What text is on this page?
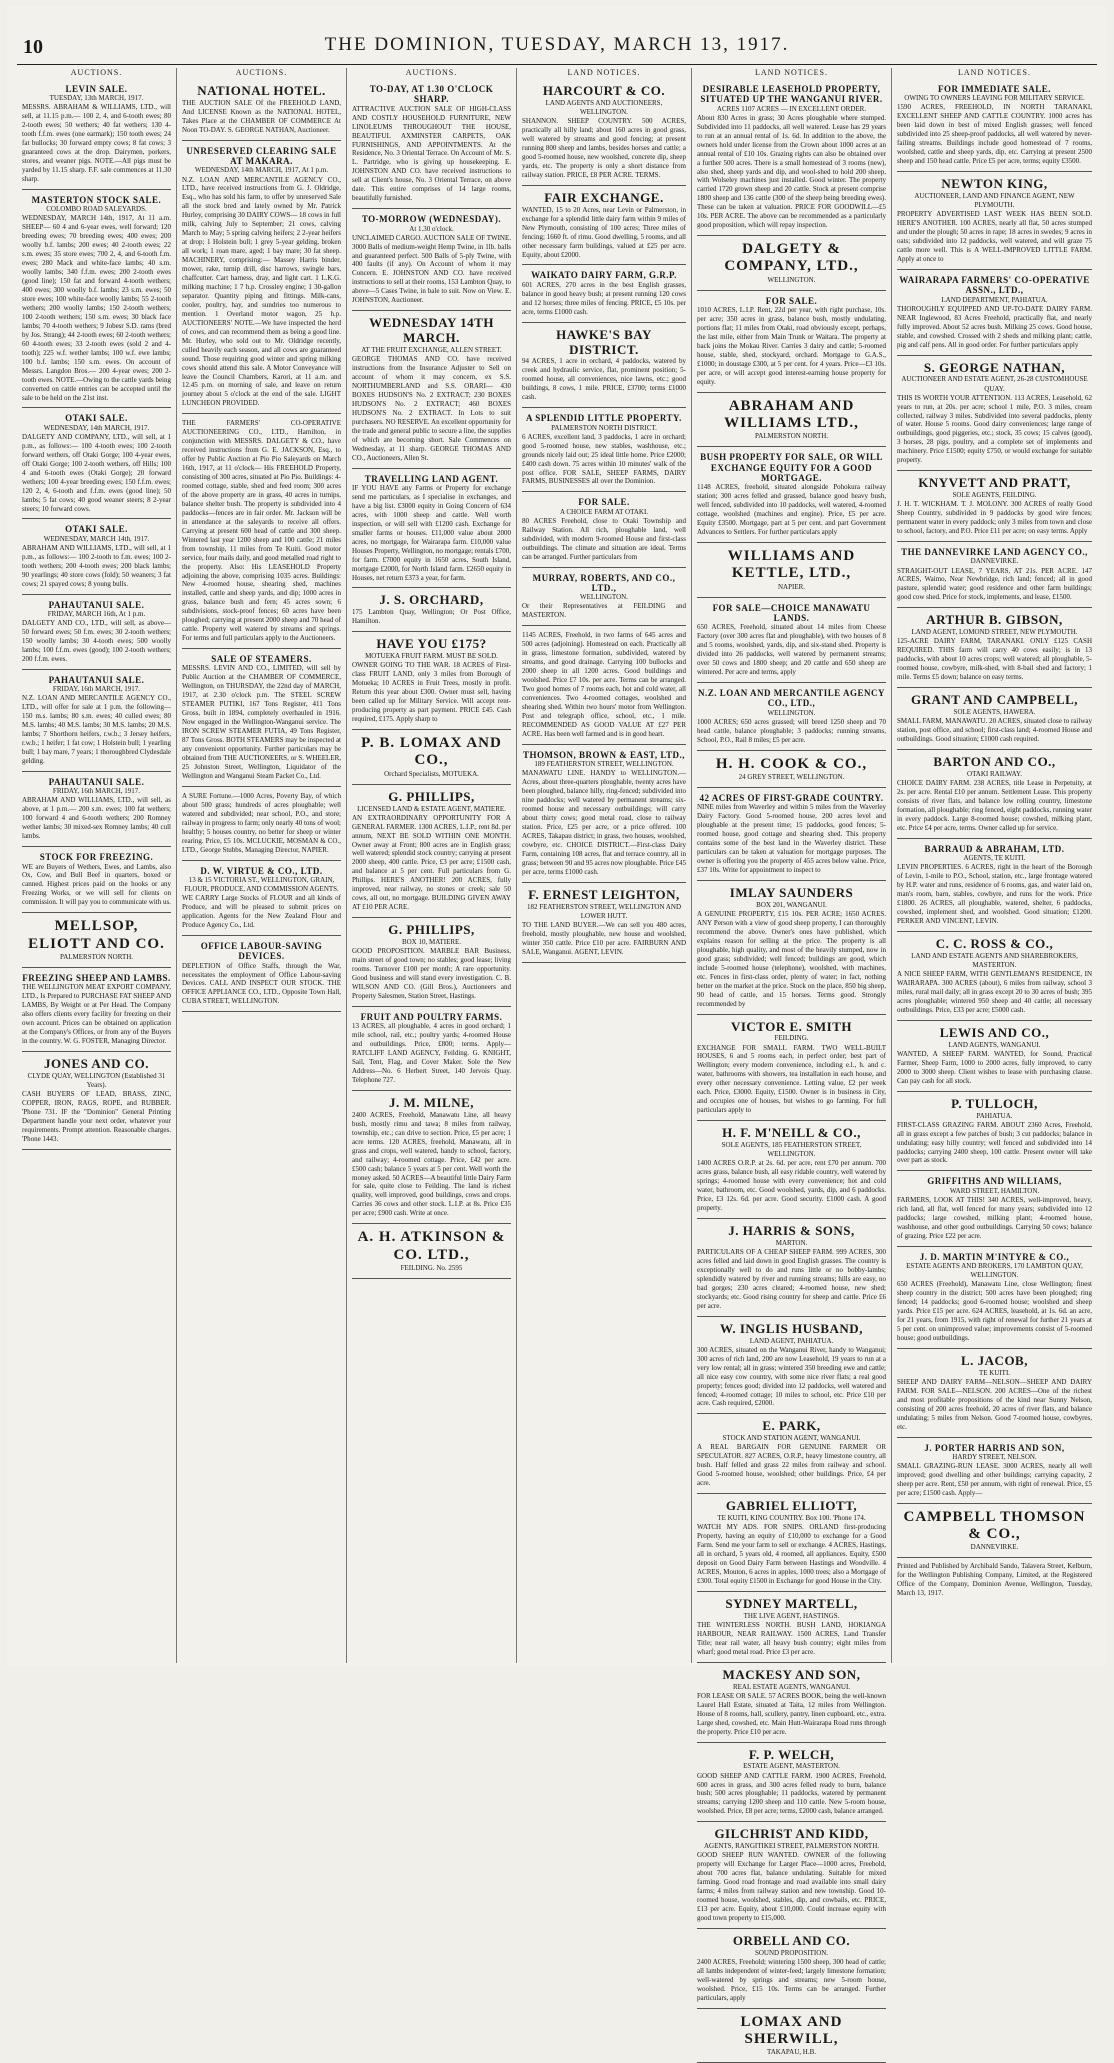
10	THE DOMINION, TUESDAY, MARCH 13, 1917.
AUCTIONS.
LEVIN SALE.
TUESDAY, 13th MARCH, 1917.
MESSRS. ABRAHAM & WILLIAMS, LTD., will sell, at 11.15 p.m.— 100 2, 4, and 6-tooth ewes; 80 2-tooth ewes; 50 wethers; 40 fat wethers; 130 4-tooth f.f.m. ewes (one earmark); 150 tooth ewes; 24 fat bullocks; 30 forward empty cows; 8 fat cows; 3 guaranteed cows at the drop. Dairymen, porkers, stores, and weaner pigs. NOTE.—All pigs must be yarded by 11.15 sharp. F.F. sale commences at 11.30 sharp.
MASTERTON STOCK SALE.
COLOMBO ROAD SALEYARDS.
WEDNESDAY, MARCH 14th, 1917, At 11 a.m. SHEEP— 60 4 and 6-year ewes, well forward; 120 breeding ewes; 70 breeding ewes; 400 ewes; 200 woolly b.f. lambs; 200 ewes; 40 2-tooth ewes; 22 s.m. ewes; 35 store ewes; 700 2, 4, and 6-tooth f.m. ewes; 280 Mack and white-face lambs; 40 s.m. woolly lambs; 340 f.f.m. ewes; 200 2-tooth ewes (good line); 150 fat and forward 4-tooth wethers; 400 ewes; 300 woolly b.f. lambs; 23 s.m. ewes; 50 store ewes; 100 white-face woolly lambs; 55 2-tooth wethers; 200 woolly lambs; 150 2-tooth wethers; 100 2-tooth wethers; 150 s.m. ewes; 30 black face lambs; 70 4-tooth wethers; 9 Jobesr S.D. rams (bred by Jos. Strang); 44 2-tooth ewes; 60 2-tooth wethers; 60 4-tooth ewes; 33 2-tooth ewes (sold 2 and 4-tooth); 225 w.f. wether lambs; 100 w.f. ewe lambs; 100 b.f. lambs; 150 s.m. ewes. On account of Messrs. Langdon Bros.— 200 4-year ewes; 200 2-tooth ewes. NOTE.—Owing to the cattle yards being converted on cattle entries can be accepted until the sale to be held on the 21st inst.
OTAKI SALE.
WEDNESDAY, 14th MARCH, 1917.
DALGETY AND COMPANY, LTD., will sell, at 1 p.m., as follows:— 100 4-tooth ewes; 100 2-tooth forward wethers, off Otaki Gorge; 100 4-year ewes, off Otaki Gorge; 100 2-tooth wethers, off Hills; 100 4 and 6-tooth ewes (Otaki Gorge); 20 forward wethers; 100 4-year breeding ewes; 150 f.f.m. ewes; 120 2, 4, 6-tooth and f.f.m. ewes (good line); 50 lambs; 5 fat cows; 40 good weaner steers; 8 2-year steers; 10 forward cows.
OTAKI SALE.
WEDNESDAY, MARCH 14th, 1917.
ABRAHAM AND WILLIAMS, LTD., will sell, at 1 p.m., as follows:— 100 2-tooth to f.m. ewes; 100 2-tooth wethers; 200 4-tooth ewes; 200 black lambs; 90 yearlings; 40 store cows (fold); 50 weaners; 3 fat cows; 21 spayed cows; 8 young bulls.
PAHAUTANUI SALE.
FRIDAY, MARCH 16th, At 1 p.m.
DALGETY AND CO., LTD., will sell, as above— 50 forward ewes; 50 f.m. ewes; 30 2-tooth wethers; 150 woolly lambs; 30 4-tooth ewes; 500 woolly lambs; 100 f.f.m. ewes (good); 100 2-tooth wethers; 200 f.f.m. ewes.
PAHAUTANUI SALE.
FRIDAY, 16th MARCH, 1917.
N.Z. LOAN AND MERCANTILE AGENCY CO., LTD., will offer for sale at 1 p.m. the following— 150 m.s. lambs; 80 s.m. ewes; 40 culled ewes; 80 M.S. lambs; 40 M.S. lambs; 30 M.S. lambs; 20 M.S. lambs; 7 Shorthorn heifers, r.w.b.; 3 Jersey heifers, r.w.b.; 1 heifer; 1 fat cow; 1 Holstein bull; 1 yearling bull; 1 bay mare, 7 years; 1 thoroughbred Clydesdale gelding.
PAHAUTANUI SALE.
FRIDAY, 16th MARCH, 1917.
ABRAHAM AND WILLIAMS, LTD., will sell, as above, at 1 p.m.— 200 s.m. ewes; 100 fat wethers; 100 forward 4 and 6-tooth wethers; 200 Romney wether lambs; 30 mixed-sex Romney lambs; 40 cull lambs.
STOCK FOR FREEZING.
WE are Buyers of Wethers, Ewes, and Lambs, also Ox, Cow, and Bull Beef in quarters, boxed or canned. Highest prices paid on the hooks or any Freezing Works, or we will sell for clients on commission. It will pay you to communicate with us.
MELLSOP, ELIOTT AND CO.
PALMERSTON NORTH.
FREEZING SHEEP AND LAMBS.
THE WELLINGTON MEAT EXPORT COMPANY, LTD., Is Prepared to PURCHASE FAT SHEEP AND LAMBS, By Weight or at Per Head. The Company also offers clients every facility for freezing on their own account. Prices can be obtained on application at the Company's Offices, or from any of the Buyers in the country. W. G. FOSTER, Managing Director.
JONES AND CO.
CLYDE QUAY, WELLINGTON (Established 31 Years).
CASH BUYERS OF LEAD, BRASS, ZINC, COPPER, IRON, RAGS, ROPE, and RUBBER. 'Phone 731. IF the "Dominion" General Printing Department handle your next order, whatever your requirements. Prompt attention. Reasonable charges. 'Phone 1443.
AUCTIONS.
NATIONAL HOTEL.
THE AUCTION SALE Of the FREEHOLD LAND, And LICENSE Known as the NATIONAL HOTEL, Takes Place at the CHAMBER OF COMMERCE At Noon TO-DAY. S. GEORGE NATHAN, Auctioneer.
UNRESERVED CLEARING SALE AT MAKARA.
WEDNESDAY, 14th MARCH, 1917, At 1 p.m.
N.Z. LOAN AND MERCANTILE AGENCY CO., LTD., have received instructions from G. J. Oldridge, Esq., who has sold his farm, to offer by unreserved Sale all the stock bred and lately owned by Mr. Patrick Hurley, comprising 30 DAIRY COWS— 18 cows in full milk, calving July to September; 21 cows, calving March to May; 5 spring calving heifers; 2 2-year heifers at drop; 1 Holstein bull; 1 grey 5-year gelding, broken all work; 1 roan mare, aged; 1 bay mare; 30 fat sheep. MACHINERY, comprising:— Massey Harris binder, mower, rake, turnip drill, disc harrows, swingle bars, chaffcutter. Cart harness, dray, and light cart. 1 L.K.G. milking machine; 1 7 h.p. Crossley engine; 1 30-gallon separator. Quantity piping and fittings. Milk-cans, cooler, poultry, hay, and sundries too numerous to mention. 1 Overland motor wagon, 25 h.p. AUCTIONEERS' NOTE.—We have inspected the herd of cows, and can recommend them as being a good line. Mr. Hurley, who sold out to Mr. Oldridge recently, culled heavily each season, and all cows are guaranteed sound. Those requiring good winter and spring milking cows should attend this sale. A Motor Conveyance will leave the Council Chambers, Karori, at 11 a.m. and 12.45 p.m. on morning of sale, and leave on return journey about 5 o'clock at the end of the sale. LIGHT LUNCHEON PROVIDED.
THE FARMERS' CO-OPERATIVE AUCTIONEERING CO., LTD., Hamilton, in conjunction with MESSRS. DALGETY & CO., have received instructions from G. E. JACKSON, Esq., to offer by Public Auction at Pio Pio Saleyards on March 16th, 1917, at 11 o'clock— His FREEHOLD Property, consisting of 300 acres, situated at Pio Pio. Buildings: 4-roomed cottage, stable, shed and feed room; 300 acres of the above property are in grass, 40 acres in turnips, balance shelter bush. The property is subdivided into 4 paddocks—fences are in fair order. Mr. Jackson will be in attendance at the saleyards to receive all offers. Carrying at present 600 head of cattle and 300 sheep. Wintered last year 1200 sheep and 100 cattle; 21 miles from township, 11 miles from Te Kuiti. Good motor service, four mails daily, and good metalled road right to the property. Also: His LEASEHOLD Property adjoining the above, comprising 1035 acres. Buildings: New 4-roomed house, shearing shed, machines installed, cattle and sheep yards, and dip; 1000 acres in grass, balance bush and fern; 45 acres sown; 6 subdivisions, stock-proof fences; 60 acres have been ploughed; carrying at present 2000 sheep and 70 head of cattle. Property well watered by streams and springs. For terms and full particulars apply to the Auctioneers.
SALE OF STEAMERS.
MESSRS. LEVIN AND CO., LIMITED, will sell by Public Auction at the CHAMBER OF COMMERCE, Wellington, on THURSDAY, the 22nd day of MARCH, 1917, at 2.30 o'clock p.m. The STEEL SCREW STEAMER PUTIKI, 167 Tons Register, 411 Tons Gross, built in 1894, completely overhauled in 1916. Now engaged in the Wellington-Wanganui service. The IRON SCREW STEAMER FUTIA, 49 Tons Register, 87 Tons Gross. BOTH STEAMERS may be inspected at any convenient opportunity. Further particulars may be obtained from THE AUCTIONEERS, or S. WHEELER, 25 Johnston Street, Wellington, Liquidator of the Wellington and Wanganui Steam Packet Co., Ltd.
A SURE Fortune.—1000 Acres, Poverty Bay, of which about 500 grass; hundreds of acres ploughable; well watered and subdivided; near school, P.O., and store; railway in progress to farm; only nearly 40 tons of wool; healthy; 5 houses country, no better for sheep or winter rearing. Price, £5 10s. MCLUCKIE, MOSMAN & CO., LTD., George Stubbs, Managing Director, NAPIER.
D. W. VIRTUE & CO., LTD.
13 & 15 VICTORIA ST., WELLINGTON, GRAIN, FLOUR, PRODUCE, AND COMMISSION AGENTS.
WE CARRY Large Stocks of FLOUR and all kinds of Produce, and will be pleased to submit prices on application. Agents for the New Zealand Flour and Produce Agency Co., Ltd.
OFFICE LABOUR-SAVING DEVICES.
DEPLETION of Office Staffs, through the War, necessitates the employment of Office Labour-saving Devices. CALL AND INSPECT OUR STOCK. THE OFFICE APPLIANCE CO., LTD., Opposite Town Hall, CUBA STREET, WELLINGTON.
AUCTIONS.
TO-DAY, AT 1.30 O'CLOCK SHARP.
ATTRACTIVE AUCTION SALE OF HIGH-CLASS AND COSTLY HOUSEHOLD FURNITURE, NEW LINOLEUMS THROUGHOUT THE HOUSE, BEAUTIFUL AXMINSTER CARPETS, OAK FURNISHINGS, AND APPOINTMENTS. At the Residence, No. 3 Oriental Terrace. On Account of Mr. S. L. Partridge, who is giving up housekeeping. E. JOHNSTON AND CO. have received instructions to sell at Client's house, No. 3 Oriental Terrace, on above date. This entire comprises of 14 large rooms, beautifully furnished.
TO-MORROW (WEDNESDAY).
At 1.30 o'clock.
UNCLAIMED CARGO. AUCTION SALE OF TWINE. 3000 Balls of medium-weight Hemp Twine, in 1lb. balls and guaranteed perfect. 500 Balls of 5-ply Twine, with 400 faults (if any). On Account of whom it may Concern. E. JOHNSTON AND CO. have received instructions to sell at their rooms, 153 Lambton Quay, to above—5 Cases Twine, in bale to suit. Now on View. E. JOHNSTON, Auctioneer.
WEDNESDAY 14TH MARCH.
AT THE FRUIT EXCHANGE, ALLEN STREET.
GEORGE THOMAS AND CO. have received instructions from the Insurance Adjuster to Sell on account of whom it may concern, ex S.S. NORTHUMBERLAND and S.S. ORARI— 430 BOXES HUDSON'S No. 2 EXTRACT; 230 BOXES HUDSON'S No. 2 EXTRACT; 460 BOXES HUDSON'S No. 2 EXTRACT. In Lots to suit purchasers. NO RESERVE. An excellent opportunity for the trade and general public to secure a line, the supplies of which are becoming short. Sale Commences on Wednesday, at 11 sharp. GEORGE THOMAS AND CO., Auctioneers, Allen St.
TRAVELLING LAND AGENT.
IF YOU HAVE any Farms or Property for exchange send me particulars, as I specialise in exchanges, and have a big list. £3000 equity in Going Concern of 634 acres, with 1000 sheep and cattle. Well worth inspection, or will sell with £1200 cash. Exchange for smaller farms or houses. £11,000 value about 2000 acres, no mortgage, for Wairarapa farm. £10,000 value Houses Property, Wellington, no mortgage; rentals £700, for farm. £7000 equity in 1650 acres, South Island, mortgage £2000, for North Island farm. £2650 equity in Houses, net return £373 a year, for farm.
J. S. ORCHARD,
175 Lambton Quay, Wellington; Or Post Office, Hamilton.
HAVE YOU £175?
MOTUEKA FRUIT FARM. MUST BE SOLD.
OWNER GOING TO THE WAR. 18 ACRES of First-class FRUIT LAND, only 3 miles from Borough of Motueka; 10 ACRES in Fruit Trees, mostly in profit. Return this year about £300. Owner must sell, having been called up for Military Service. Will accept rent-producing property as part payment. PRICE £45. Cash required, £175. Apply sharp to
P. B. LOMAX AND CO.,
Orchard Specialists, MOTUEKA.
G. PHILLIPS,
LICENSED LAND & ESTATE AGENT, MATIERE.
AN EXTRAORDINARY OPPORTUNITY FOR A GENERAL FARMER. 1300 ACRES, L.I.P., rent 8d. per annum, NEXT BE SOLD WITHIN ONE MONTH. Owner away at Front; 800 acres are in English grass; well watered; splendid stock country; carrying at present 2000 sheep, 400 cattle. Price, £3 per acre; £1500 cash, and balance at 5 per cent. Full particulars from G. Phillips. HERE'S ANOTHER! 200 ACRES, fully improved, near railway, no stones or creek; sale 50 cows, all out, no mortgage. BUILDING GIVEN AWAY AT £10 PER ACRE.
G. PHILLIPS,
BOX 10, MATIERE.
GOOD PROPOSITION. MARBLE BAR Business, main street of good town; no stables; good lease; living rooms. Turnover £100 per month; A rare opportunity. Good business and will stand every investigation. C. B. WILSON AND CO. (Gill Bros.), Auctioneers and Property Salesmen, Station Street, Hastings.
FRUIT AND POULTRY FARMS.
13 ACRES, all ploughable, 4 acres in good orchard; 1 mile school, rail, etc.; poultry yards; 4-roomed House and outbuildings. Price, £800; terms. Apply— RATCLIFF LAND AGENCY, Feilding. G. KNIGHT, Sail, Tent, Flag, and Cover Maker. Sole the New Address—No. 6 Herbert Street, 140 Jervois Quay. Telephone 727.
J. M. MILNE,
2400 ACRES, Freehold, Manawatu Line, all heavy bush, mostly rimu and tawa; 8 miles from railway, township, etc.; can drive to section. Price, £5 per acre; 1 acre terms. 120 ACRES, freehold, Manawatu, all in grass and crops, well watered, handy to school, factory, and railway; 4-roomed cottage. Price, £42 per acre. £500 cash; balance 5 years at 5 per cent. Well worth the money asked. 50 ACRES—A beautiful little Dairy Farm for sale, quite close to Feilding. The land is richest quality, well improved, good buildings, cows and crops. Carries 36 cows and other stock. L.I.P. at 8s. Price £35 per acre; £900 cash. Write at once.
A. H. ATKINSON & CO. LTD.,
FEILDING. No. 2595
LAND NOTICES.
HARCOURT & CO.
LAND AGENTS AND AUCTIONEERS, WELLINGTON.
SHANNON. SHEEP COUNTRY. 500 ACRES, practically all hilly land; about 160 acres in good grass, well watered by streams and good fencing; at present running 800 sheep and lambs, besides horses and cattle; a good 5-roomed house, new woolshed, concrete dip, sheep yards, etc. The property is only a short distance from railway station. PRICE, £8 PER ACRE. TERMS.
FAIR EXCHANGE.
WANTED, 15 to 20 Acres, near Levin or Palmerston, in exchange for a splendid little dairy farm within 9 miles of New Plymouth, consisting of 100 acres; Three miles of fencing; 1660 ft. of rimu. Good dwelling, 5 rooms, and all other necessary farm buildings, valued at £25 per acre. Equity, about £2000.
WAIKATO DAIRY FARM, G.R.P.
601 ACRES, 270 acres in the best English grasses, balance in good heavy bush; at present running 120 cows and 12 horses; three miles of fencing. PRICE, £5 10s. per acre, terms £1000 cash.
HAWKE'S BAY DISTRICT.
94 ACRES, 1 acre in orchard, 4 paddocks, watered by creek and hydraulic service, flat, prominent position; 5-roomed house, all conveniences, nice lawns, etc.; good buildings, 8 cows, 1 mile. PRICE, £3700; terms £1000 cash.
A SPLENDID LITTLE PROPERTY.
PALMERSTON NORTH DISTRICT.
6 ACRES, excellent land, 3 paddocks, 1 acre in orchard; good 5-roomed house, new stables, washhouse, etc.; grounds nicely laid out; 25 ideal little home. Price £2000; £400 cash down. 75 acres within 10 minutes' walk of the post office. FOR SALE, SHEEP FARMS, DAIRY FARMS, BUSINESSES all over the Dominion.
FOR SALE.
A CHOICE FARM AT OTAKI.
80 ACRES Freehold, close to Otaki Township and Railway Station. All rich, ploughable land, well subdivided, with modern 9-roomed House and first-class outbuildings. The climate and situation are ideal. Terms can be arranged. Further particulars from
MURRAY, ROBERTS, AND CO., LTD.,
WELLINGTON.
Or their Representatives at FEILDING and MASTERTON.
1145 ACRES, Freehold, in two farms of 645 acres and 500 acres (adjoining). Homestead on each. Practically all in grass, limestone formation, subdivided, watered by streams, and good drainage. Carrying 100 bullocks and 2000 sheep in all 1200 acres. Good buildings and woolshed. Price £7 10s. per acre. Terms can be arranged. Two good homes of 7 rooms each, hot and cold water, all conveniences. Two 4-roomed cottages, woolshed and shearing shed. Within two hours' motor from Wellington. Post and telegraph office, school, etc., 1 mile. RECOMMENDED AS GOOD VALUE AT £27 PER ACRE. Has been well farmed and is in good heart.
THOMSON, BROWN & EAST, LTD.,
189 FEATHERSTON STREET, WELLINGTON.
MANAWATU LINE. HANDY to WELLINGTON.—Acres, about three-quarters ploughable, twenty acres have been ploughed, balance hilly, ring-fenced; subdivided into nine paddocks; well watered by permanent streams; six-roomed house and necessary outbuildings; will carry about thirty cows; good metal road, close to railway station. Price, £25 per acre, or a price offered. 100 ACRES, Takapau district; in grass, two houses, woolshed, cowbyre, etc. CHOICE DISTRICT.—First-class Dairy Farm, containing 108 acres, flat and terrace country, all in grass; between 90 and 95 acres now ploughable. Price £45 per acre, terms £1000 cash.
F. ERNEST LEIGHTON,
182 FEATHERSTON STREET, WELLINGTON AND LOWER HUTT.
TO THE LAND BUYER.—We can sell you 480 acres, freehold, mostly ploughable, new house and woolshed, winter 350 cattle. Price £10 per acre. FAIRBURN AND SALE, Wanganui. AGENT, LEVIN.
LAND NOTICES.
DESIRABLE LEASEHOLD PROPERTY, SITUATED UP THE WANGANUI RIVER.
ACRES 1107 ACRES — IN EXCELLENT ORDER.
About 830 Acres in grass; 30 Acres ploughable where stumped. Subdivided into 11 paddocks, all well watered. Lease has 29 years to run at an annual rental of 1s. 6d. In addition to the above, the owners hold under license from the Crown about 1000 acres at an annual rental of £10 10s. Grazing rights can also be obtained over a further 500 acres. There is a small homestead of 3 rooms (new), also shed, sheep yards and dip, and wool-shed to hold 200 sheep, with Wolseley machines just installed. Good winter. The property carried 1720 grown sheep and 20 cattle. Stock at present comprise 1800 sheep and 136 cattle (300 of the sheep being breeding ewes). These can be taken at valuation. PRICE FOR GOODWILL—£5 10s. PER ACRE. The above can be recommended as a particularly good proposition, which will repay inspection.
DALGETY & COMPANY, LTD.,
WELLINGTON.
FOR SALE.
1010 ACRES, L.I.P. Rent, 22d per year, with right purchase, 10s. per acre; 350 acres in grass, balance bush, mostly undulating, portions flat; 11 miles from Otaki, road obviously except, perhaps, the last mile, either from Main Trunk or Waitara. The property at back joins the Mokau River. Carries 3 dairy and cattle; 5-roomed house, stable, shed, stockyard, orchard. Mortgage to G.A.S., £1000; in doustage £300, at 5 per cent. for 4 years. Price—£3 10s. per acre, or will accept good interest-earning house property for equity.
ABRAHAM AND WILLIAMS LTD.,
PALMERSTON NORTH.
BUSH PROPERTY FOR SALE, OR WILL EXCHANGE EQUITY FOR A GOOD MORTGAGE.
1148 ACRES, freehold, situated alongside Pohokura railway station; 300 acres felled and grassed, balance good heavy bush, well fenced, subdivided into 10 paddocks, well watered, 4-roomed cottage, woolshed (machines and engine). Price, £5 per acre. Equity £3500. Mortgage, part at 5 per cent. and part Government Advances to Settlers. For further particulars apply
WILLIAMS AND KETTLE, LTD.,
NAPIER.
FOR SALE—CHOICE MANAWATU LANDS.
650 ACRES, Freehold, situated about 14 miles from Cheese Factory (over 300 acres flat and ploughable), with two houses of 8 and 5 rooms, woolshed, yards, dip, and six-stand shed. Property is divided into 26 paddocks, well watered by permanent streams; over 50 cows and 1800 sheep; and 20 cattle and 650 sheep are wintered. Per acre and terms, apply
N.Z. LOAN AND MERCANTILE AGENCY CO., LTD.,
WELLINGTON.
1000 ACRES; 650 acres grassed; will breed 1250 sheep and 70 head cattle, balance ploughable; 3 paddocks; running streams, School, P.O., Rail 8 miles; £5 per acre.
H. H. COOK & CO.,
24 GREY STREET, WELLINGTON.
42 ACRES OF FIRST-GRADE COUNTRY.
NINE miles from Waverley and within 5 miles from the Waverley Dairy Factory. Good 5-roomed house, 200 acres level and ploughable at the present time; 15 paddocks, good fences; 5-roomed house, good cottage and shearing shed. This property contains some of the best land in the Waverley district. These particulars can be taken at valuation for mortgage purposes. The owner is offering you the property of 455 acres below value. Price, £37 10s. Write for appointment to inspect to
IMLAY SAUNDERS
BOX 201, WANGANUI.
A GENUINE PROPERTY, £15 10s. PER ACRE; 1650 ACRES. ANY Person with a view of good sheep property, I can thoroughly recommend the above. Owner's ones have published, which explains reason for selling at the price. The property is all ploughable, high quality, and most of the heavily stumped, now in good grass; subdivided; well fenced; buildings are good, which include 5-roomed house (telephone), woolshed, with machines, etc. Fences in first-class order, plenty of water; in fact, nothing better on the market at the price. Stock on the place, 850 big sheep, 90 head of cattle, and 15 horses. Terms good. Strongly recommended by
VICTOR E. SMITH
FEILDING.
EXCHANGE FOR SMALL FARM. TWO WELL-BUILT HOUSES, 6 and 5 rooms each, in perfect order; best part of Wellington; every modern convenience, including e.l., h. and c. water, bathrooms with showers, tea installation in each house, and every other necessary convenience. Letting value, £2 per week each. Price, £3000. Equity, £1500. Owner is in business in City, and occupies one of houses, but wishes to go farming. For full particulars apply to
H. F. M'NEILL & CO.,
SOLE AGENTS, 185 FEATHERSTON STREET, WELLINGTON.
1400 ACRES O.R.P. at 2s. 6d. per acre, rent £70 per annum. 700 acres grass, balance bush, all easy ridable country, well watered by springs; 4-roomed house with every convenience; hot and cold water, bathroom, etc. Good woolshed, yards, dip, and 6 paddocks. Price, £3 12s. 6d. per acre. Good security. £1000 cash. A good property.
J. HARRIS & SONS,
MARTON.
PARTICULARS OF A CHEAP SHEEP FARM. 999 ACRES, 300 acres felled and laid down in good English grasses. The country is exceptionally well to do and runs little or no bobby-lambs; splendidly watered by river and running streams; hills are easy, no bad gorges; 230 acres cleared; 4-roomed house, new shed; stockyards; etc. Good rising country for sheep and cattle. Price £6 per acre.
W. INGLIS HUSBAND,
LAND AGENT, PAHIATUA.
300 ACRES, situated on the Wanganui River, handy to Wanganui; 300 acres of rich land, 200 are now Leasehold, 19 years to run at a very low rental; all in grass; wintered 350 breeding ewe and cattle; all nice easy cow country, with some nice river flats; a real good property; fences good; divided into 12 paddocks, well watered and fenced; 4-roomed cottage; 10 miles to school, etc. Price £10 per acre. Cash required, £2000.
E. PARK,
STOCK AND STATION AGENT, WANGANUI.
A REAL BARGAIN FOR GENUINE FARMER OR SPECULATOR. 827 ACRES, O.R.P., heavy limestone country, all bush. Half felled and grass 22 miles from railway and school. Good 5-roomed house, woolshed; other buildings. Price, £4 per acre.
GABRIEL ELLIOTT,
TE KUITI, KING COUNTRY. Box 100. 'Phone 174.
WATCH MY ADS. FOR SNIPS. ORLAND first-producing Property, having an equity of £10,000 to exchange for a Good Farm. Send me your farm to sell or exchange. 4 ACRES, Hastings, all in orchard, 5 years old, 4 roomed, all appliances. Equity, £500 deposit on Good Dairy Farm between Hastings and Woodville. 4 ACRES, Mouton, 6 acres in apples, 1000 trees; also a Mortgage of £300. Total equity £1500 in Exchange for good House in the City.
SYDNEY MARTELL,
THE LIVE AGENT, HASTINGS.
THE WINTERLESS NORTH. BUSH LAND, HOKIANGA HARBOUR, NEAR RAILWAY. 1500 ACRES, Land Transfer Title; near rail water, all heavy bush country; eight miles from wharf; good metal road. Price £3 per acre.
MACKESY AND SON,
REAL ESTATE AGENTS, WANGANUI.
FOR LEASE OR SALE. 57 ACRES BOOK, being the well-known Laurel Hall Estate, situated at Taita, 12 miles from Wellington. House of 8 rooms, hall, scullery, pantry, linen cupboard, etc., extra. Large shed, cowshed, etc. Main Hutt-Wairarapa Road runs through the property. Price £10 per acre.
F. P. WELCH,
ESTATE AGENT, MASTERTON.
GOOD SHEEP AND CATTLE FARM. 1900 ACRES, Freehold, 600 acres in grass, and 300 acres felled ready to burn, balance bush; 500 acres ploughable; 11 paddocks, watered by permanent streams; carrying 1200 sheep and 110 cattle. New 5-room house, woolshed. Price, £8 per acre; terms, £2000 cash, balance arranged.
GILCHRIST AND KIDD,
AGENTS, RANGITIKEI STREET, PALMERSTON NORTH.
GOOD SHEEP RUN WANTED. OWNER of the following property will Exchange for Larger Place—1000 acres, Freehold, about 700 acres flat, balance undulating. Suitable for mixed farming. Good road frontage and road available into small dairy farms; 4 miles from railway station and new township. Good 10-roomed house, woolshed, stables, dip, and cowbails, etc. PRICE, £13 per acre. Equity, about £10,000. Could increase equity with good town property to £15,000.
ORBELL AND CO.
SOUND PROPOSITION.
2400 ACRES, Freehold; wintering 1500 sheep, 300 head of cattle; all lambs independent of winter-feed; largely limestone formation; well-watered by springs and streams; new 5-room house, woolshed. Price, £15 10s. Terms can be arranged. Further particulars, apply
LOMAX AND SHERWILL,
TAKAPAU, H.B.
LAND NOTICES.
FOR IMMEDIATE SALE.
OWING TO OWNERS LEAVING FOR MILITARY SERVICE.
1590 ACRES, FREEHOLD, IN NORTH TARANAKI, EXCELLENT SHEEP AND CATTLE COUNTRY. 1000 acres has been laid down in best of mixed English grasses; well fenced subdivided into 25 sheep-proof paddocks, all well watered by never-failing streams. Buildings include good homestead of 7 rooms, woolshed, cattle and sheep yards, dip, etc. Carrying at present 2500 sheep and 150 head cattle. Price £5 per acre, terms; equity £3500.
NEWTON KING,
AUCTIONEER, LAND AND FINANCE AGENT, NEW PLYMOUTH.
PROPERTY ADVERTISED LAST WEEK HAS BEEN SOLD. HERE'S ANOTHER. 100 ACRES, nearly all flat, 50 acres stumped and under the plough; 50 acres in rape; 18 acres in swedes; 9 acres in oats; subdivided into 12 paddocks, well watered, and will graze 75 cattle more well. This is A WELL-IMPROVED LITTLE FARM. Apply at once to
WAIRARAPA FARMERS' CO-OPERATIVE ASSN., LTD.,
LAND DEPARTMENT, PAHIATUA.
THOROUGHLY EQUIPPED AND UP-TO-DATE DAIRY FARM. NEAR Inglewood, 83 Acres Freehold, practically flat, and nearly fully improved. About 52 acres bush. Milking 25 cows. Good house, stable, and cowshed. Crossed with 2 sheds and milking plant; cattle, pig and calf pens. All in good order. For further particulars apply
S. GEORGE NATHAN,
AUCTIONEER AND ESTATE AGENT, 26-28 CUSTOMHOUSE QUAY.
THIS IS WORTH YOUR ATTENTION. 113 ACRES, Leasehold, 62 years to run, at 20s. per acre; school 1 mile, P.O. 3 miles, cream collected, railway 3 miles. Subdivided into several paddocks, plenty of water. House 5 rooms. Good dairy conveniences; large range of outbuildings, good piggeries, etc.; stock, 35 cows; 15 calves (good), 3 horses, 28 pigs, poultry, and a complete set of implements and machinery. Price £1500; equity £750, or would exchange for suitable property.
KNYVETT AND PRATT,
SOLE AGENTS, FEILDING.
J. H. T. WICKHAM. T. J. MOLONY. 300 ACRES of really Good Sheep Country, subdivided in 9 paddocks by good wire fences; permanent water in every paddock; only 3 miles from town and close to school, factory, and P.O. Price £11 per acre; on easy terms. Apply
THE DANNEVIRKE LAND AGENCY CO.,
DANNEVIRKE.
STRAIGHT-OUT LEASE, 7 YEARS, AT 21s. PER ACRE. 147 ACRES, Waimo, Near Newbridge, rich land; fenced; all in good pasture, splendid water; good residence and other farm buildings; good cow shed. Price for stock, implements, and lease, £1500.
ARTHUR B. GIBSON,
LAND AGENT, LOMOND STREET, NEW PLYMOUTH.
125-ACRE DAIRY FARM, TARANAKI. ONLY £125 CASH REQUIRED. THIS farm will carry 40 cows easily; is in 13 paddocks, with about 10 acres crops; well watered; all ploughable, 5-roomed house, cowbyre, milk-shed, with 8-bail shed and factory; 1 mile. Terms £5 down; balance on easy terms.
GRANT AND CAMPBELL,
SOLE AGENTS, HAWERA.
SMALL FARM, MANAWATU. 20 ACRES, situated close to railway station, post office, and school; first-class land; 4-roomed House and outbuildings. Good situation; £1000 cash required.
BARTON AND CO.,
OTAKI RAILWAY.
CHOICE DAIRY FARM. 238 ACRES, title Lease in Perpetuity, at 2s. per acre. Rental £10 per annum. Settlement Lease. This property consists of river flats, and balance low rolling country, limestone formation, all ploughable; ring fenced, eight paddocks, running water in every paddock. Large 8-roomed house; cowshed, milking plant, etc. Price £4 per acre, terms. Owner called up for service.
BARRAUD & ABRAHAM, LTD.
AGENTS, TE KUITI.
LEVIN PROPERTIES. 6 ACRES, right in the heart of the Borough of Levin, 1-mile to P.O., School, station, etc., large frontage watered by H.P. water and runs, residence of 6 rooms, gas, and water laid on, man's room, barn, stables, cowbyre, and runs for the work. Price £1800. 26 ACRES, all ploughable, watered, shelter, 6 paddocks, cowshed, implement shed, and woolshed. Good situation; £1200. PERKER AND VINCENT, LEVIN.
C. C. ROSS & CO.,
LAND AND ESTATE AGENTS AND SHAREBROKERS, MASTERTON.
A NICE SHEEP FARM, WITH GENTLEMAN'S RESIDENCE, IN WAIRARAPA. 300 ACRES (about), 6 miles from railway, school 3 miles, rural mail daily; all in grass except 20 to 30 acres of bush; 395 acres ploughable; wintered 950 sheep and 40 cattle; all necessary outbuildings. Price, £33 per acre; £5000 cash.
LEWIS AND CO.,
LAND AGENTS, WANGANUI.
WANTED, A SHEEP FARM. WANTED, for Sound, Practical Farmer, Sheep Farm, 1000 to 2000 acres, fully improved, to carry 2000 to 3000 sheep. Client wishes to lease with purchasing clause. Can pay cash for all stock.
P. TULLOCH,
PAHIATUA.
FIRST-CLASS GRAZING FARM. ABOUT 2360 Acres, Freehold, all in grass except a few patches of bush; 3 cut paddocks; balance in undulating; easy hilly country; well fenced and subdivided into 14 paddocks; carrying 2400 sheep, 100 cattle. Present owner will take over part as stock.
GRIFFITHS AND WILLIAMS,
WARD STREET, HAMILTON.
FARMERS, LOOK AT THIS! 340 ACRES, well-improved, heavy, rich land, all flat, well fenced for many years; subdivided into 12 paddocks; large cowshed, milking plant; 4-roomed house, washhouse, and other good outbuildings. Carrying 50 cows; balance of grazing. Price £22 per acre.
J. D. MARTIN M'INTYRE & CO.,
ESTATE AGENTS AND BROKERS, 170 LAMBTON QUAY, WELLINGTON.
650 ACRES (Freehold), Manawatu Line, close Wellington; finest sheep country in the district; 500 acres have been ploughed; ring fenced; 14 paddocks; good 6-roomed house; woolshed and sheep yards. Price £15 per acre. 624 ACRES, leasehold, at 1s. 6d. an acre, for 21 years, from 1915, with right of renewal for further 21 years at 5 per cent. on unimproved value; improvements consist of 5-roomed house; good outbuildings.
L. JACOB,
TE KUITI.
SHEEP AND DAIRY FARM—NELSON—SHEEP AND DAIRY FARM. FOR SALE—NELSON. 200 ACRES—One of the richest and most profitable propositions of the kind near Sunny Nelson, consisting of 200 acres freehold, 20 acres of river flats, and balance undulating; 5 miles from Nelson. Good 7-roomed house, cowbyres, etc.
J. PORTER HARRIS AND SON,
HARDY STREET, NELSON.
SMALL GRAZING-RUN LEASE. 3000 ACRES, nearly all well improved; good dwelling and other buildings; carrying capacity, 2 sheep per acre. Rent, £50 per annum, with right of renewal. Price, £5 per acre; £1500 cash. Apply—
CAMPBELL THOMSON & CO.,
DANNEVIRKE.
Printed and Published by Archibald Sando, Talavera Street, Kelburn, for the Wellington Publishing Company, Limited, at the Registered Office of the Company, Dominion Avenue, Wellington, Tuesday, March 13, 1917.
